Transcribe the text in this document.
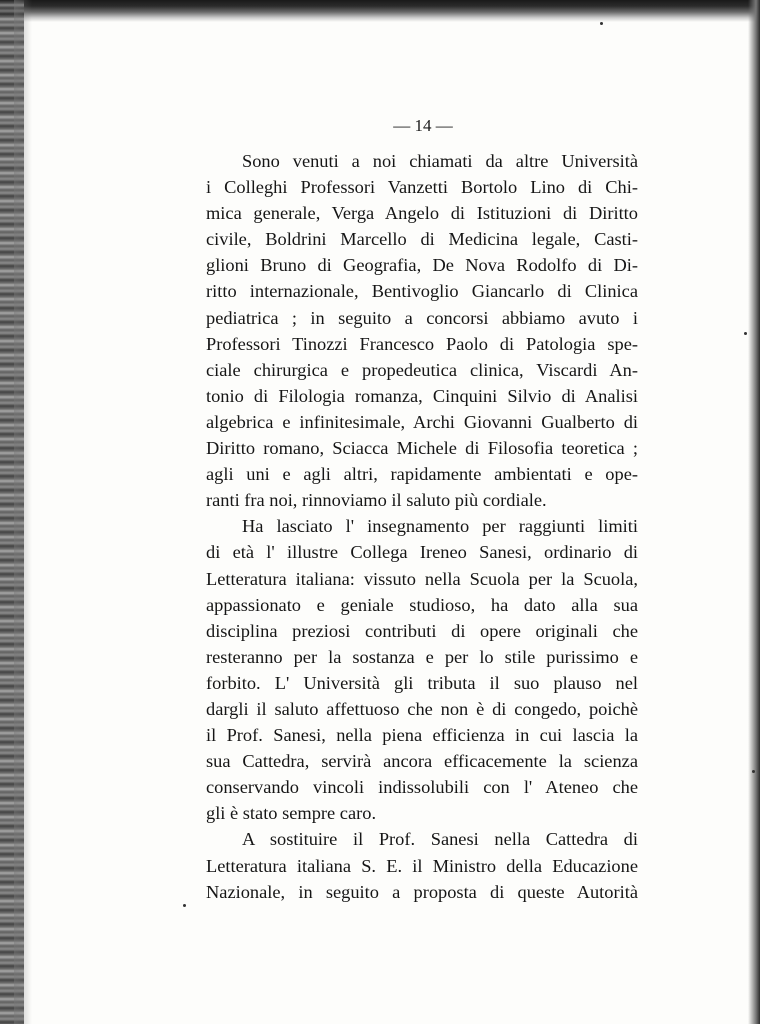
— 14 —

Sono venuti a noi chiamati da altre Università
i Colleghi Professori Vanzetti Bortolo Lino di Chi-
mica generale, Verga Angelo di Istituzioni di Diritto
civile, Boldrini Marcello di Medicina legale, Casti-
glioni Bruno di Geografia, De Nova Rodolfo di Di-
ritto internazionale, Bentivoglio Giancarlo di Clinica
pediatrica ; in seguito a concorsi abbiamo avuto i
Professori Tinozzi Francesco Paolo di Patologia spe-
ciale chirurgica e propedeutica clinica, Viscardi An-
tonio di Filologia romanza, Cinquini Silvio di Analisi
algebrica e infinitesimale, Archi Giovanni Gualberto di
Diritto romano, Sciacca Michele di Filosofia teoretica ;
agli uni e agli altri, rapidamente ambientati e ope-
ranti fra noi, rinnoviamo il saluto più cordiale.

Ha lasciato l' insegnamento per raggiunti limiti
di età l' illustre Collega Ireneo Sanesi, ordinario di
Letteratura italiana: vissuto nella Scuola per la Scuola,
appassionato e geniale studioso, ha dato alla sua
disciplina preziosi contributi di opere originali che
resteranno per la sostanza e per lo stile purissimo e
forbito. L' Università gli tributa il suo plauso nel
dargli il saluto affettuoso che non è di congedo, poichè
il Prof. Sanesi, nella piena efficienza in cui lascia la
sua Cattedra, servirà ancora efficacemente la scienza
conservando vincoli indissolubili con l' Ateneo che
gli è stato sempre caro.

A sostituire il Prof. Sanesi nella Cattedra di
Letteratura italiana S. E. il Ministro della Educazione
Nazionale, in seguito a proposta di queste Autorità
